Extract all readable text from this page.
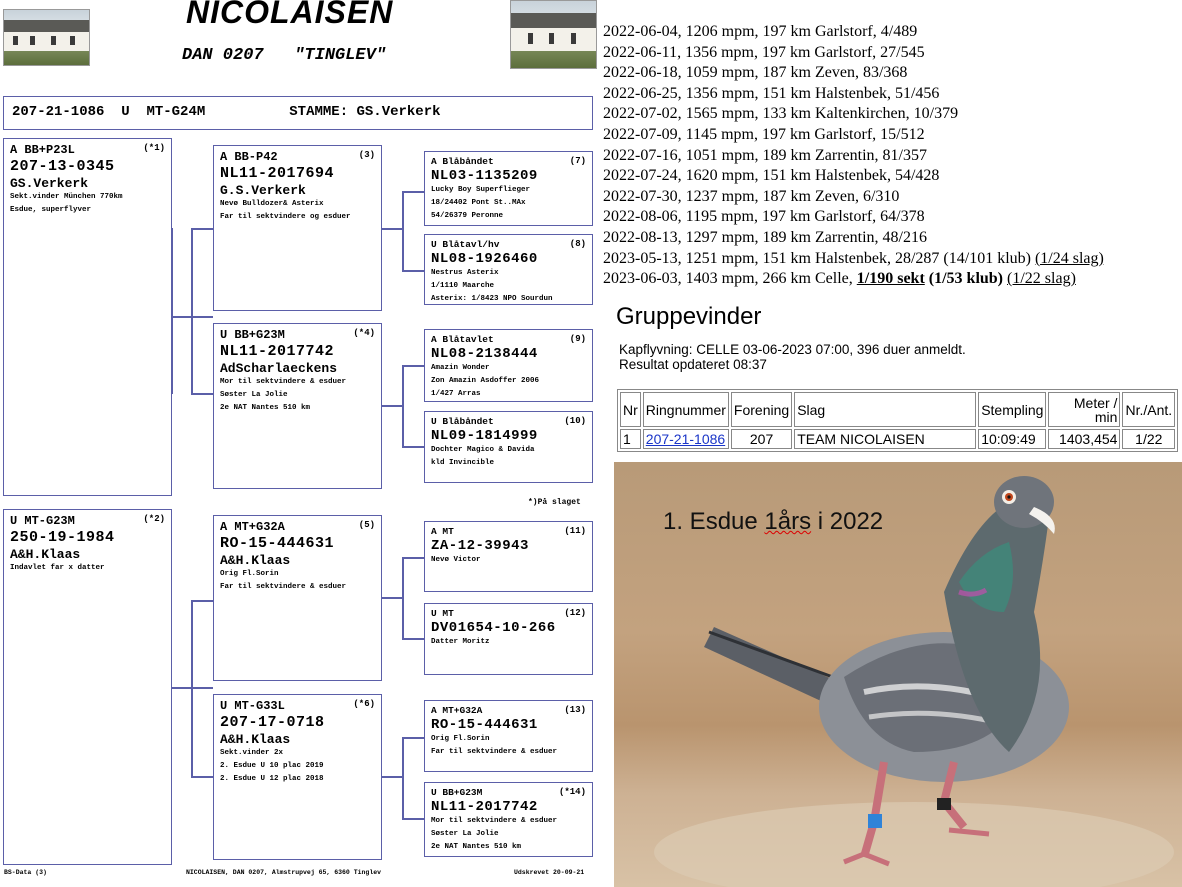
NICOLAISEN
DAN 0207   "TINGLEV"
207-21-1086 U MT-G24M	STAMME: GS.Verkerk
A BB+P23L	(*1)
207-13-0345
GS.Verkerk
Sekt.vinder München 770km
Esdue, superflyver
U MT-G23M	(*2)
250-19-1984
A&H.Klaas
Indavlet far x datter
A BB-P42	(3)
NL11-2017694
G.S.Verkerk
Nevø Bulldozer& Asterix
Far til sektvindere og esduer
U BB+G23M	(*4)
NL11-2017742
AdScharlaeckens
Mor til sektvindere & esduer
Søster La Jolie
2e NAT Nantes 510 km
A MT+G32A	(5)
RO-15-444631
A&H.Klaas
Orig Fl.Sorin
Far til sektvindere & esduer
U MT-G33L	(*6)
207-17-0718
A&H.Klaas
Sekt.vinder 2x
2. Esdue U 10 plac 2019
2. Esdue U 12 plac 2018
A Blåbåndet	(7)
NL03-1135209
Lucky Boy Superflieger
18/24402 Pont St..MAx
54/26379 Peronne
U Blåtavl/hv	(8)
NL08-1926460
Nestrus Asterix
1/1110 Maarche
Asterix: 1/8423 NPO Sourdun
A Blåtavlet	(9)
NL08-2138444
Amazin Wonder
Zon Amazin Asdoffer 2006
1/427 Arras
U Blåbåndet	(10)
NL09-1814999
Dochter Magico & Davida
kld Invincible
*)På slaget
A MT	(11)
ZA-12-39943
Nevø Victor
U MT	(12)
DV01654-10-266
Datter Moritz
A MT+G32A	(13)
RO-15-444631
Orig Fl.Sorin
Far til sektvindere & esduer
U BB+G23M	(*14)
NL11-2017742
Mor til sektvindere & esduer
Søster La Jolie
2e NAT Nantes 510 km
BS-Data (3)	NICOLAISEN, DAN 0207, Almstrupvej 65, 6360 Tinglev	Udskrevet 20-09-21
2022-06-04, 1206 mpm, 197 km Garlstorf, 4/489
2022-06-11, 1356 mpm, 197 km Garlstorf, 27/545
2022-06-18, 1059 mpm, 187 km Zeven, 83/368
2022-06-25, 1356 mpm, 151 km Halstenbek, 51/456
2022-07-02, 1565 mpm, 133 km Kaltenkirchen, 10/379
2022-07-09, 1145 mpm, 197 km Garlstorf, 15/512
2022-07-16, 1051 mpm, 189 km Zarrentin, 81/357
2022-07-24, 1620 mpm, 151 km Halstenbek, 54/428
2022-07-30, 1237 mpm, 187 km Zeven, 6/310
2022-08-06, 1195 mpm, 197 km Garlstorf, 64/378
2022-08-13, 1297 mpm, 189 km Zarrentin, 48/216
2023-05-13, 1251 mpm, 151 km Halstenbek, 28/287 (14/101 klub) (1/24 slag)
2023-06-03, 1403 mpm, 266 km Celle, 1/190 sekt (1/53 klub) (1/22 slag)
Gruppevinder
Kapflyvning: CELLE 03-06-2023 07:00, 396 duer anmeldt.
Resultat opdateret 08:37
Nr	Ringnummer	Forening	Slag	Stempling	Meter / min	Nr./Ant.
1	207-21-1086	207	TEAM NICOLAISEN	10:09:49	1403,454	1/22
1. Esdue 1års i 2022
